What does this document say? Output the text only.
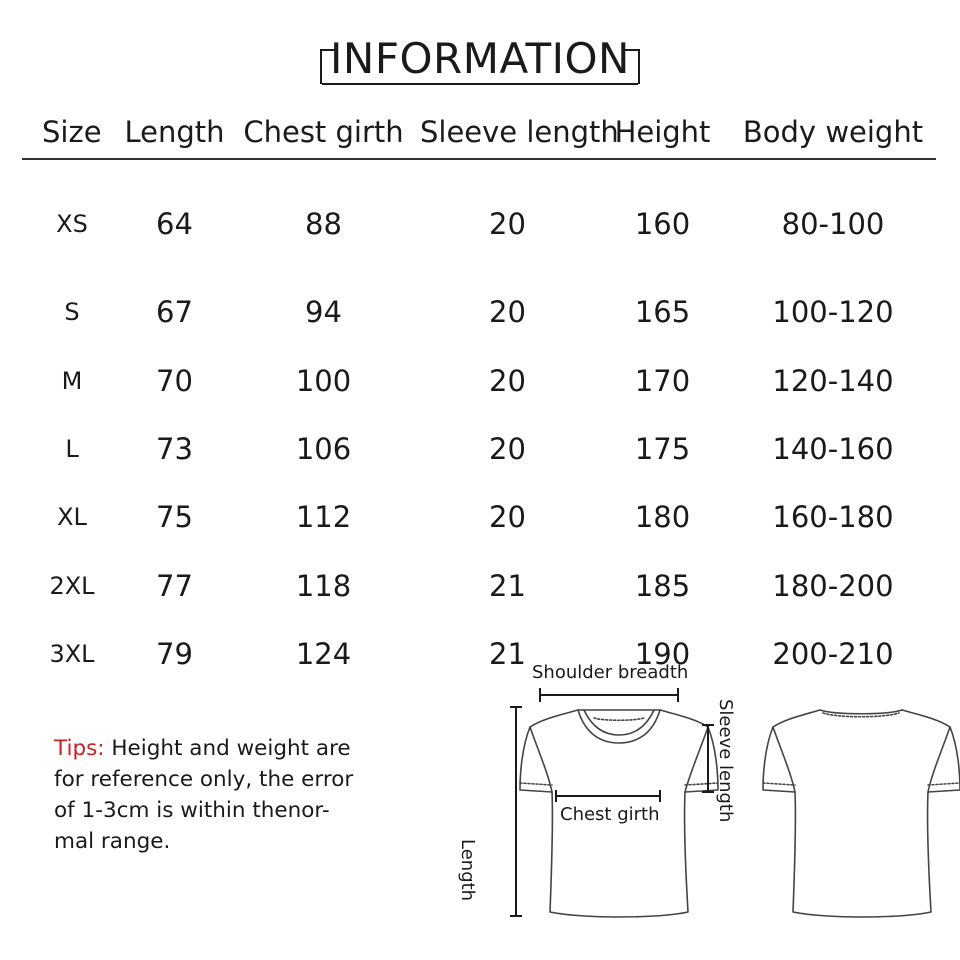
INFORMATION
Size	Length	Chest girth	Sleeve length	Height	Body weight
XS	64	88	20	160	80-100
S	67	94	20	165	100-120
M	70	100	20	170	120-140
L	73	106	20	175	140-160
XL	75	112	20	180	160-180
2XL	77	118	21	185	180-200
3XL	79	124	21	190	200-210
Tips: Height and weight are for reference only, the error of 1-3cm is within thenor-mal range.
Shoulder breadth
Chest girth	Sleeve length
Length
